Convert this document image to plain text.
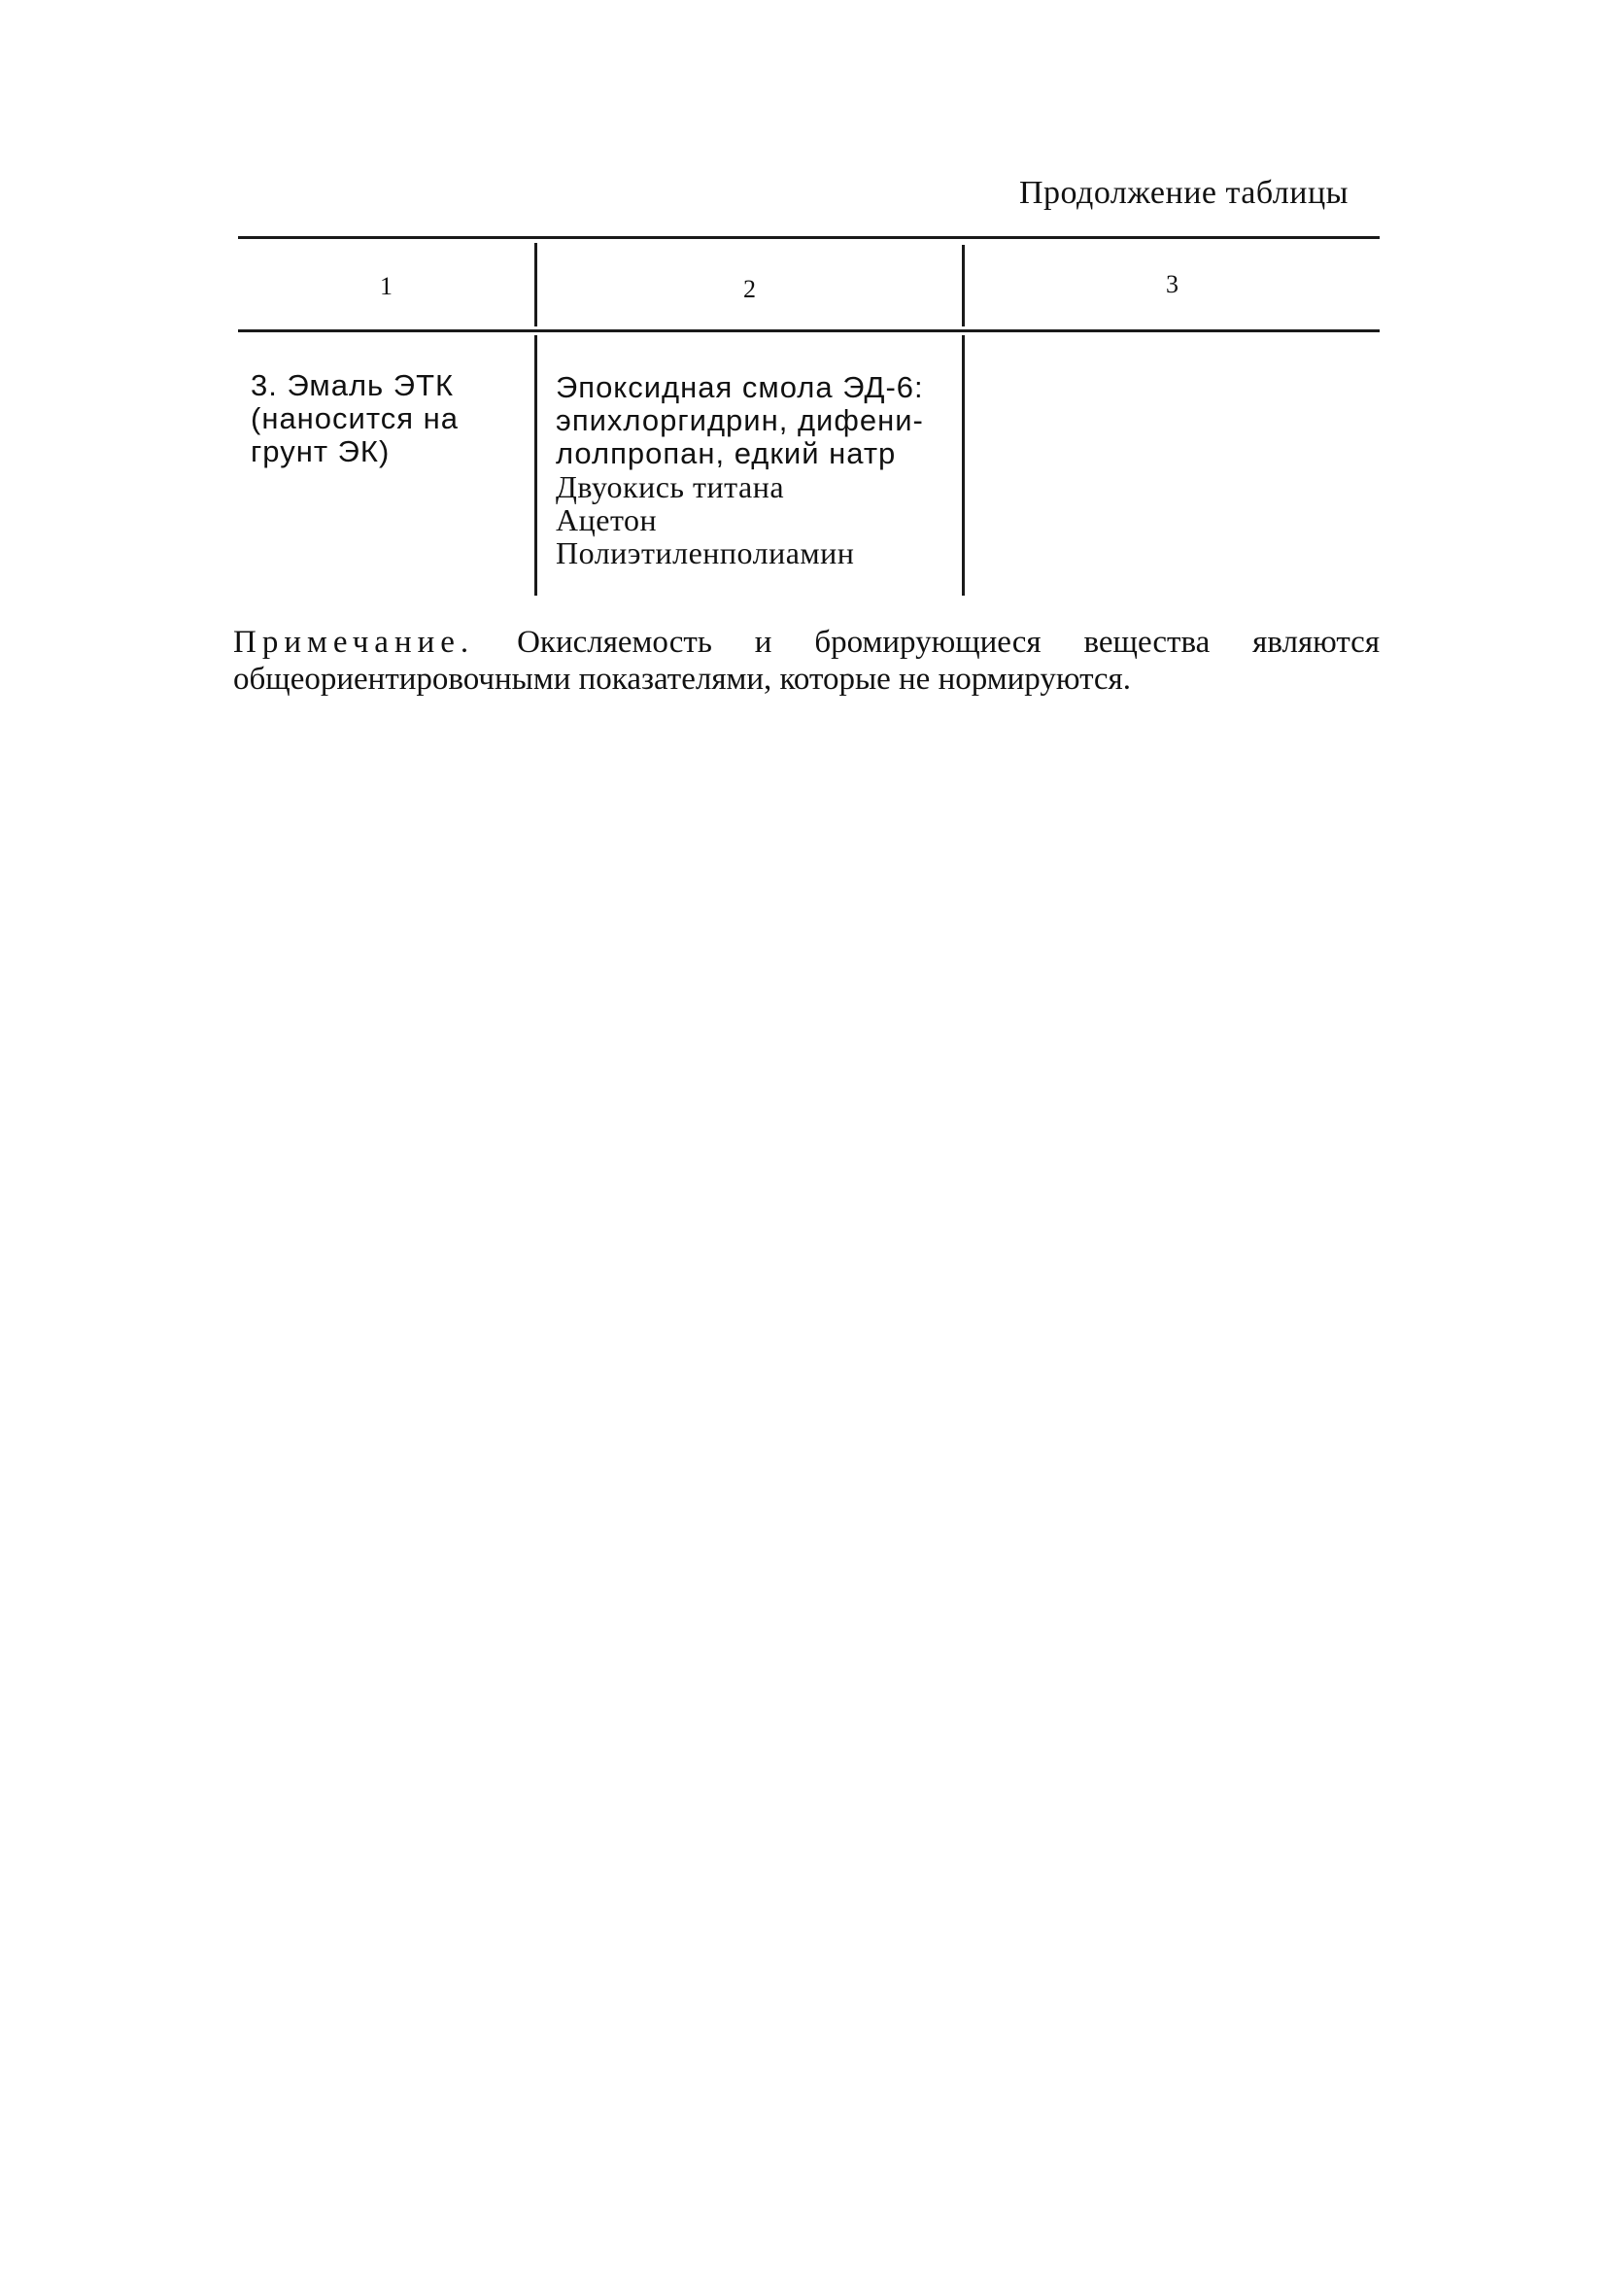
Продолжение таблицы
1	2	3
3. Эмаль ЭТК
(наносится на
грунт ЭК)
Эпоксидная смола ЭД-6:
эпихлоргидрин, дифени-
лолпропан, едкий натр
Двуокись титана
Ацетон
Полиэтиленполиамин
Примечание. Окисляемость и бромирующиеся вещества являются общеориентировочными показателями, которые не нормируются.
